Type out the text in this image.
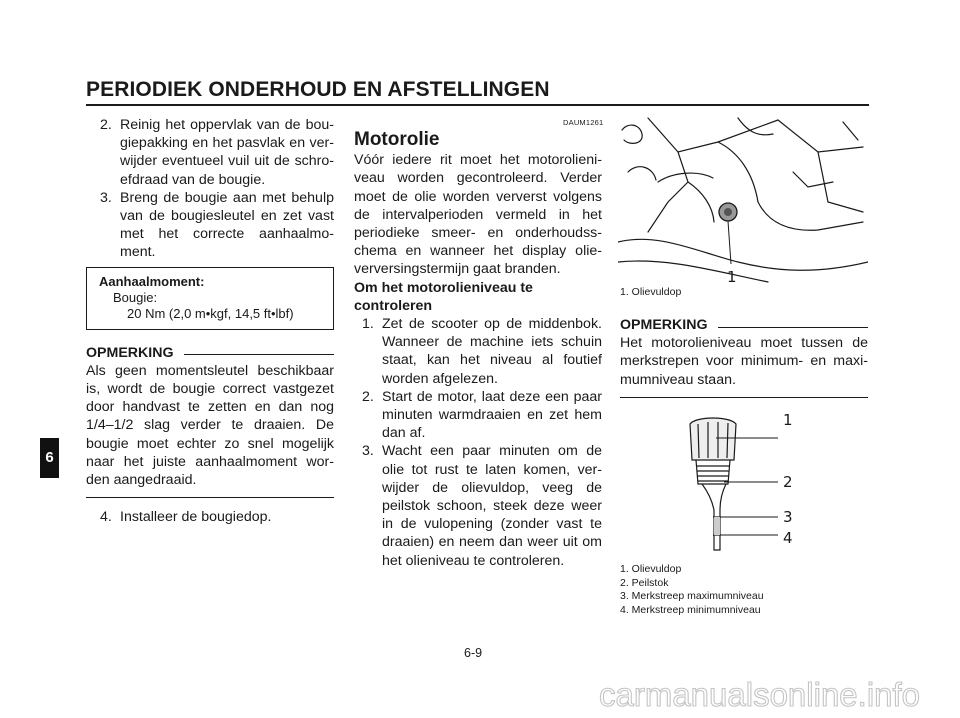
PERIODIEK ONDERHOUD EN AFSTELLINGEN
6
2. Reinig het oppervlak van de bou-giepakking en het pasvlak en ver-wijder eventueel vuil uit de schro-efdraad van de bougie.
3. Breng de bougie aan met behulp van de bougiesleutel en zet vast met het correcte aanhaalmo-ment.
Aanhaalmoment:
Bougie:
20 Nm (2,0 m•kgf, 14,5 ft•lbf)
OPMERKING
Als geen momentsleutel beschikbaar is, wordt de bougie correct vastgezet door handvast te zetten en dan nog 1/4–1/2 slag verder te draaien. De bougie moet echter zo snel mogelijk naar het juiste aanhaalmoment wor-den aangedraaid.
4. Installeer de bougiedop.
DAUM1261
Motorolie
Vóór iedere rit moet het motorolieni-veau worden gecontroleerd. Verder moet de olie worden ververst volgens de intervalperioden vermeld in het periodieke smeer- en onderhoudss-chema en wanneer het display olie-verversingstermijn gaat branden.
Om het motorolieniveau te controleren
1. Zet de scooter op de middenbok. Wanneer de machine iets schuin staat, kan het niveau al foutief worden afgelezen.
2. Start de motor, laat deze een paar minuten warmdraaien en zet hem dan af.
3. Wacht een paar minuten om de olie tot rust te laten komen, ver-wijder de olievuldop, veeg de peilstok schoon, steek deze weer in de vulopening (zonder vast te draaien) en neem dan weer uit om het olieniveau te controleren.
1
1. Olievuldop
OPMERKING
Het motorolieniveau moet tussen de merkstrepen voor minimum- en maxi-mumniveau staan.
1
2
3
4
1. Olievuldop
2. Peilstok
3. Merkstreep maximumniveau
4. Merkstreep minimumniveau
6-9
carmanualsonline.info
